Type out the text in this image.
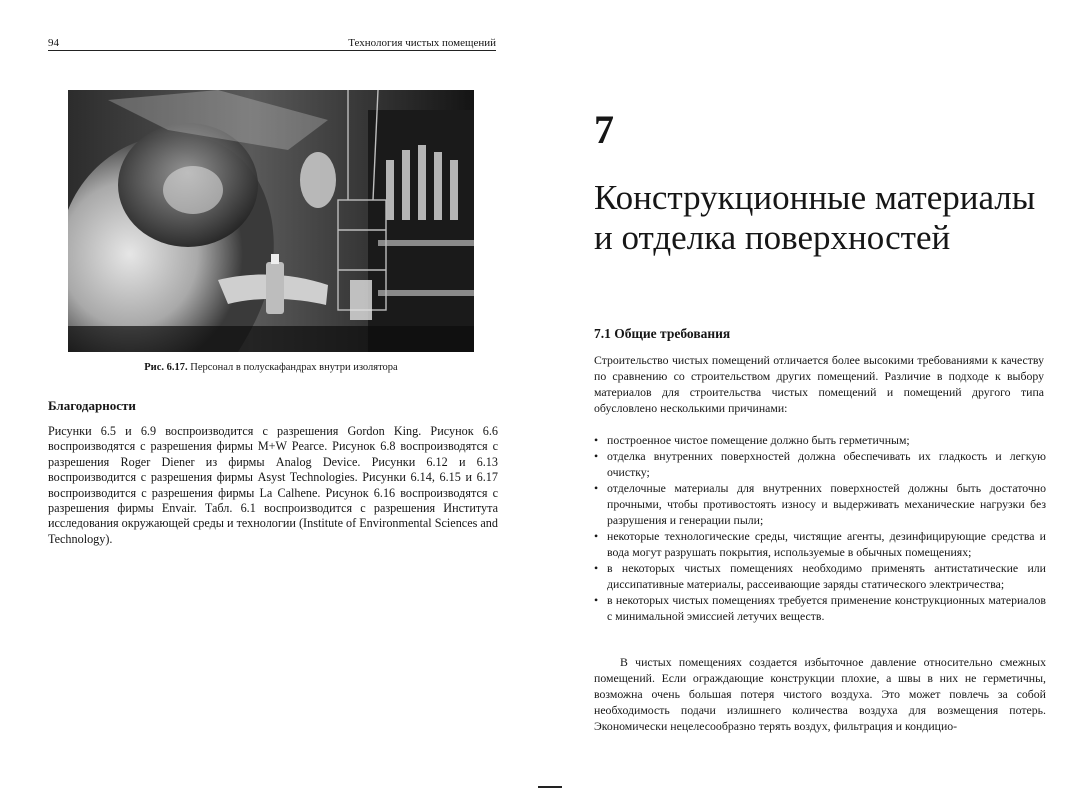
94	Технология чистых помещений
Рис. 6.17. Персонал в полускафандрах внутри изолятора
Благодарности

Рисунки 6.5 и 6.9 воспроизводится с разрешения Gordon King. Рисунок 6.6 воспроизводятся с разрешения фирмы M+W Pearce. Рисунок 6.8 воспроизводятся с разрешения Roger Diener из фирмы Analog Device. Рисунки 6.12 и 6.13 воспроизводится с разрешения фирмы Asyst Technologies. Рисунки 6.14, 6.15 и 6.17 воспроизводится с разрешения фирмы La Calhene. Рисунок 6.16 воспроизводятся с разрешения фирмы Envair. Табл. 6.1 воспроизводится с разрешения Института исследования окружающей среды и технологии (Institute of Environmental Sciences and Technology).

7
Конструкционные материалы и отделка поверхностей
7.1 Общие требования

Строительство чистых помещений отличается более высокими требованиями к качеству по сравнению со строительством других помещений. Различие в подходе к выбору материалов для строительства чистых помещений и помещений другого типа обусловлено несколькими причинами:

• построенное чистое помещение должно быть герметичным;
• отделка внутренних поверхностей должна обеспечивать их гладкость и легкую очистку;
• отделочные материалы для внутренних поверхностей должны быть достаточно прочными, чтобы противостоять износу и выдерживать механические нагрузки без разрушения и генерации пыли;
• некоторые технологические среды, чистящие агенты, дезинфицирующие средства и вода могут разрушать покрытия, используемые в обычных помещениях;
• в некоторых чистых помещениях необходимо применять антистатические или диссипативные материалы, рассеивающие заряды статического электричества;
• в некоторых чистых помещениях требуется применение конструкционных материалов с минимальной эмиссией летучих веществ.

В чистых помещениях создается избыточное давление относительно смежных помещений. Если ограждающие конструкции плохие, а швы в них не герметичны, возможна очень большая потеря чистого воздуха. Это может повлечь за собой необходимость подачи излишнего количества воздуха для возмещения потерь. Экономически нецелесообразно терять воздух, фильтрация и кондицио-
